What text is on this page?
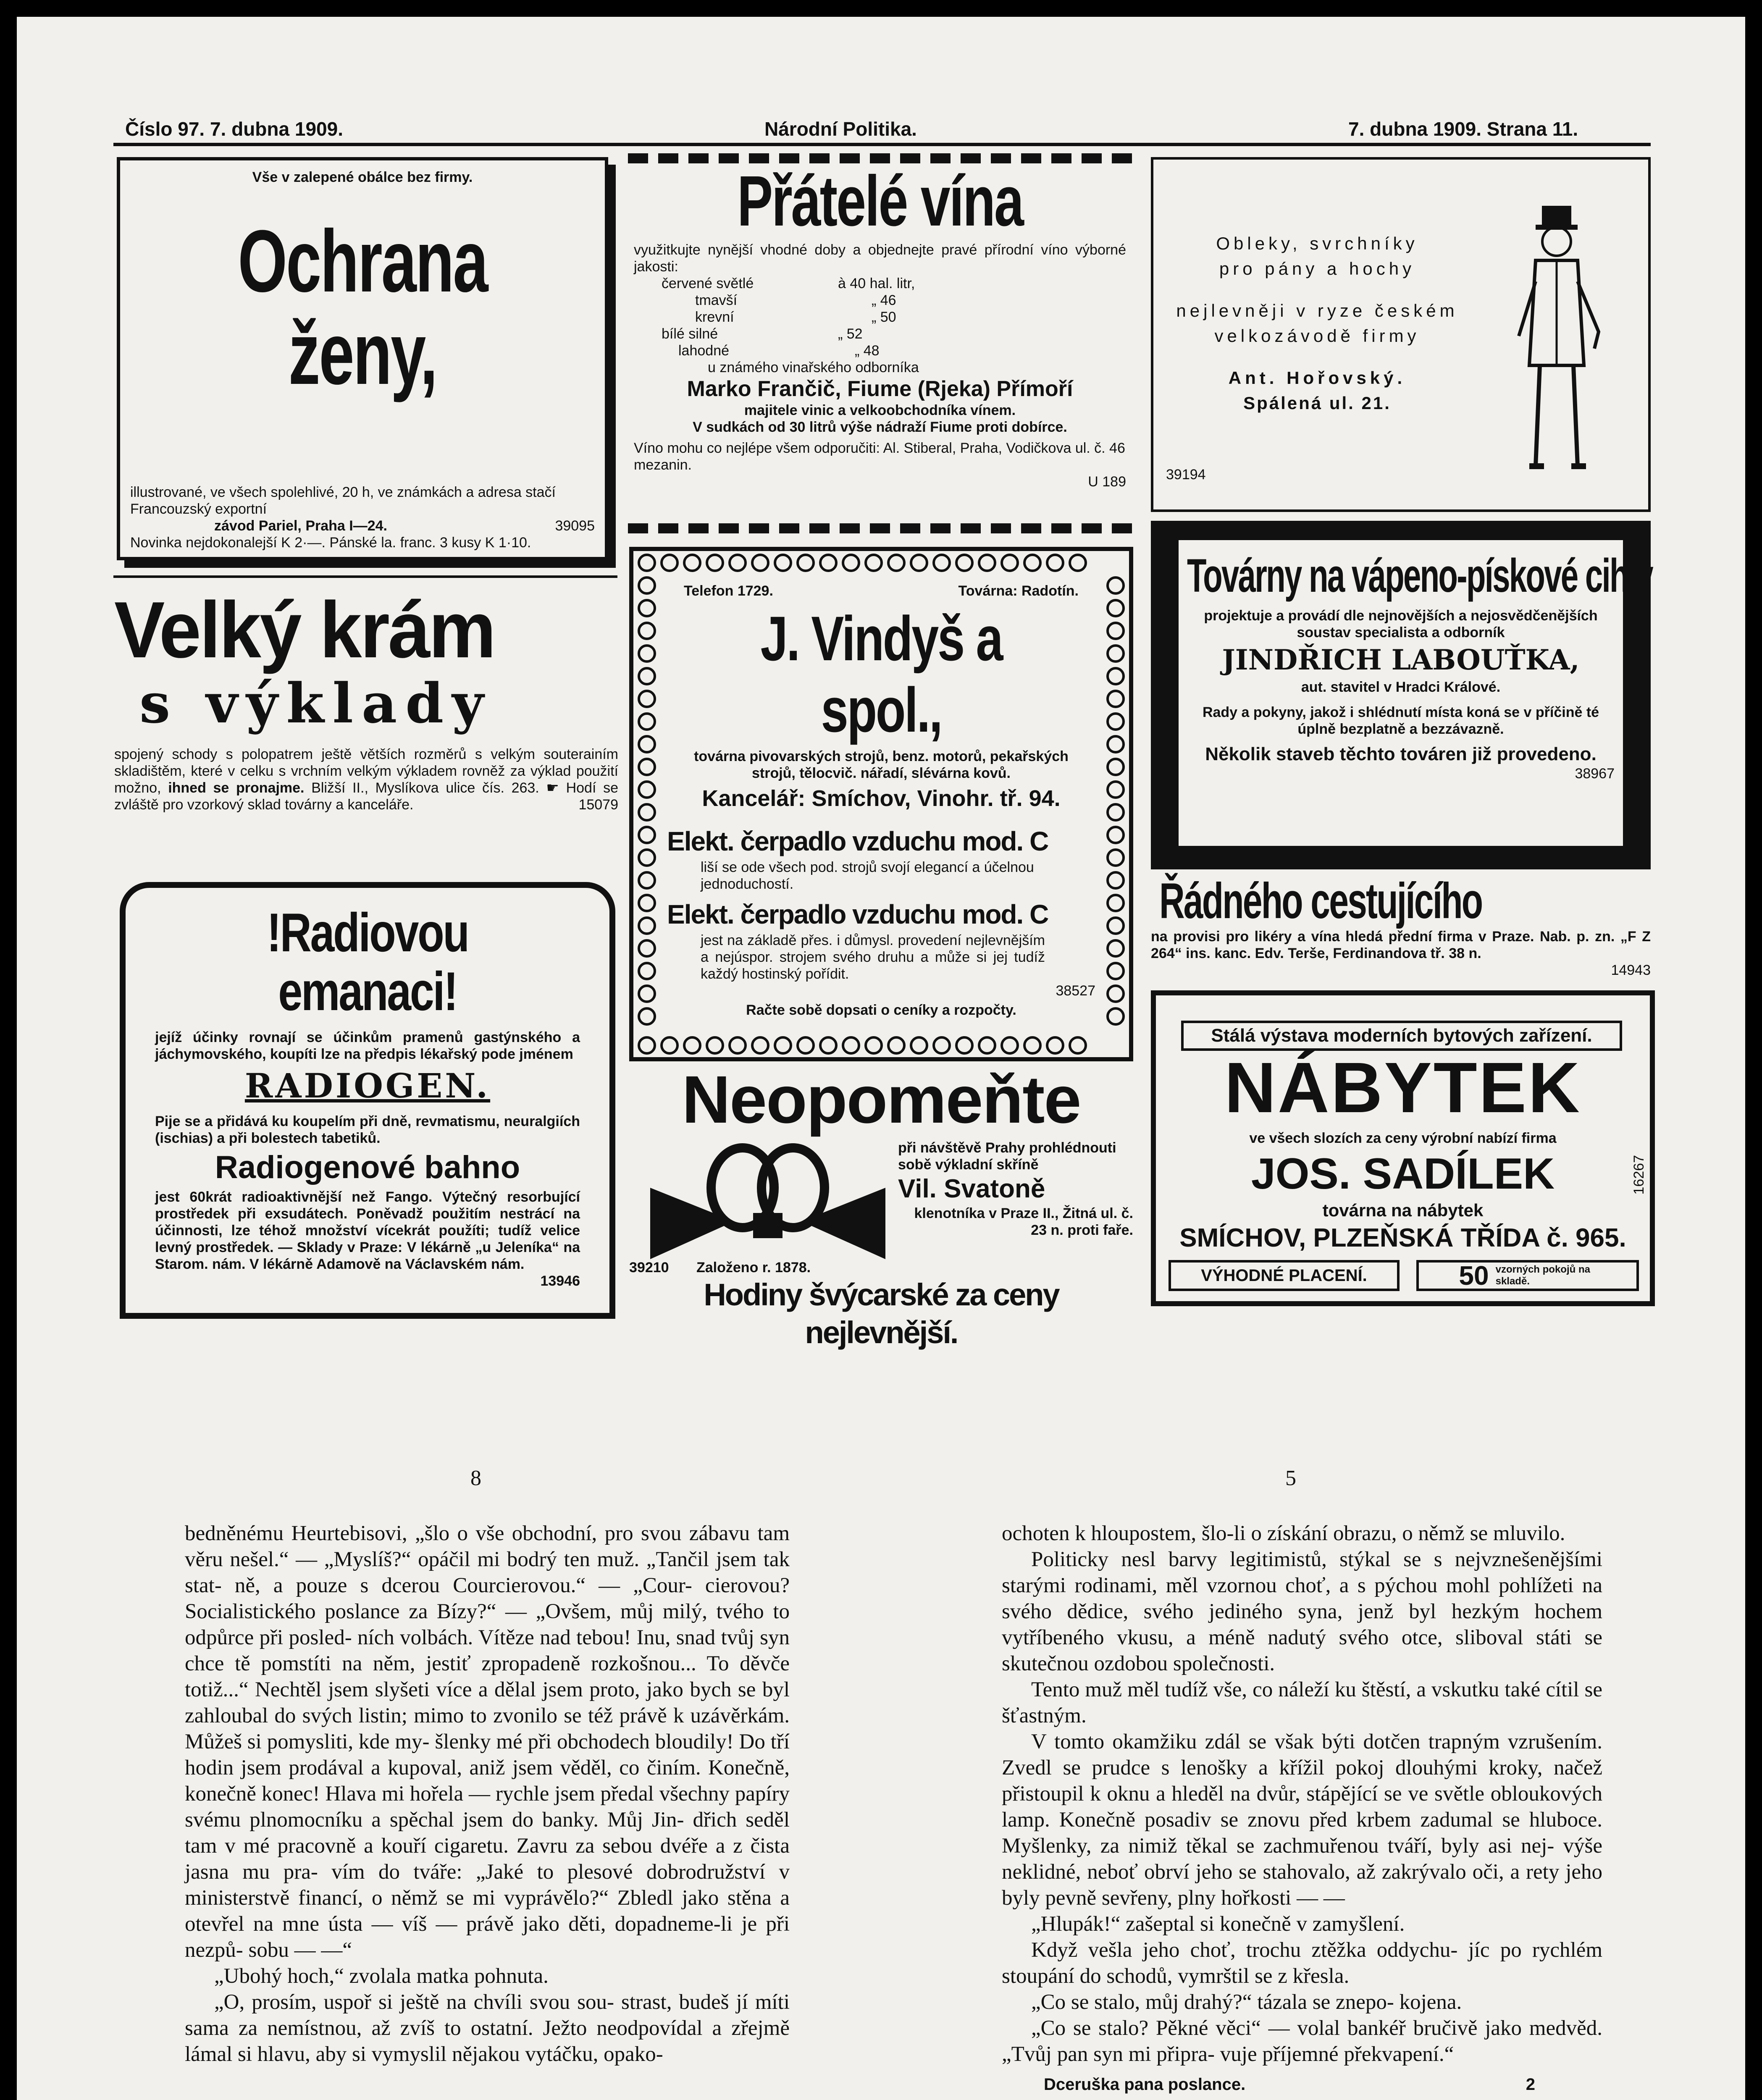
Číslo 97. 7. dubna 1909.	Národní Politika.	7. dubna 1909. Strana 11.
Vše v zalepené obálce bez firmy.
Ochrana ženy,
illustrované, ve všech spolehlivé, 20 h, ve známkách a adresa stačí Francouzský exportní
závod Pariel, Praha I—24.	39095
Novinka nejdokonalejší K 2·—. Pánské la. franc. 3 kusy K 1·10.
Velký krám
s výklady
spojený schody s polopatrem ještě větších rozměrů s velkým souterainím skladištěm, které v celku s vrchním velkým výkladem rovněž za výklad použití možno, ihned se pronajme. Bližší II., Myslíkova ulice čís. 263. ☛ Hodí se zvláště pro vzorkový sklad továrny a kanceláře.	15079
!Radiovou emanaci!
jejíž účinky rovnají se účinkům pramenů gastýnského a jáchymovského, koupíti lze na předpis lékařský pode jménem
RADIOGEN.
Pije se a přidává ku koupelím při dně, revmatismu, neuralgiích (ischias) a při bolestech tabetiků.
Radiogenové bahno
jest 60krát radioaktivnější než Fango. Výtečný resorbující prostředek při exsudátech. Poněvadž použitím nestrácí na účinnosti, lze téhož množství vícekrát použíti; tudíž velice levný prostředek. — Sklady v Praze: V lékárně „u Jeleníka“ na Starom. nám. V lékárně Adamově na Václavském nám.
13946
Přátelé vína
využitkujte nynější vhodné doby a objednejte pravé přírodní víno výborné jakosti:
červené světlé	à 40 hal. litr,
tmavší	„ 46
krevní	„ 50
bílé silné	„ 52
lahodné	„ 48
u známého vinařského odborníka
Marko Frančič, Fiume (Rjeka) Přímoří
majitele vinic a velkoobchodníka vínem.
V sudkách od 30 litrů výše nádraží Fiume proti dobírce.
Víno mohu co nejlépe všem odporučiti: Al. Stiberal, Praha, Vodičkova ul. č. 46 mezanin.
U 189
Telefon 1729.	Továrna: Radotín.
J. Vindyš a spol.,
továrna pivovarských strojů, benz. motorů, pekařských strojů, tělocvič. nářadí, slévárna kovů.
Kancelář: Smíchov, Vinohr. tř. 94.
Elekt. čerpadlo vzduchu mod. C
liší se ode všech pod. strojů svojí elegancí a účelnou jednoduchostí.
Elekt. čerpadlo vzduchu mod. C
jest na základě přes. i důmysl. provedení nejlevnějším a nejúspor. strojem svého druhu a může si jej tudíž každý hostinský pořídit.
38527
Račte sobě dopsati o ceníky a rozpočty.
Neopomeňte
při návštěvě Prahy prohlédnouti sobě výkladní skříně
Vil. Svatoně
klenotníka v Praze II., Žitná ul. č. 23 n. proti faře.
39210 Založeno r. 1878.
Hodiny švýcarské za ceny nejlevnější.
Obleky, svrchníky
pro pány a hochy
nejlevněji v ryze českém
velkozávodě firmy
Ant. Hořovský.
Spálená ul. 21.
39194
Továrny na vápeno-pískové cihly
projektuje a provádí dle nejnovějších a nejosvědčenějších soustav specialista a odborník
JINDŘICH LABOUŤKA,
aut. stavitel v Hradci Králové.
Rady a pokyny, jakož i shlédnutí místa koná se v příčině té úplně bezplatně a bezzávazně.
Několik staveb těchto továren již provedeno.
38967
Řádného cestujícího
na provisi pro likéry a vína hledá přední firma v Praze. Nab. p. zn. „F Z 264“ ins. kanc. Edv. Terše, Ferdinandova tř. 38 n.
14943
Stálá výstava moderních bytových zařízení.
NÁBYTEK
ve všech slozích za ceny výrobní nabízí firma
JOS. SADÍLEK	16267
továrna na nábytek
SMÍCHOV, PLZEŇSKÁ TŘÍDA č. 965.
VÝHODNÉ PLACENÍ.	50 vzorných pokojů na skladě.
8	5

bedněnému Heurtebisovi, „šlo o vše obchodní, pro svou zábavu tam věru nešel.“ — „Myslíš?“ opáčil mi bodrý ten muž. „Tančil jsem tak stat- ně, a pouze s dcerou Courcierovou.“ — „Cour- cierovou? Socialistického poslance za Bízy?“ — „Ovšem, můj milý, tvého to odpůrce při posled- ních volbách. Vítěze nad tebou! Inu, snad tvůj syn chce tě pomstíti na něm, jestiť zpropadeně rozkošnou... To děvče totiž...“ Nechtěl jsem slyšeti více a dělal jsem proto, jako bych se byl zahloubal do svých listin; mimo to zvonilo se též právě k uzávěrkám. Můžeš si pomysliti, kde my- šlenky mé při obchodech bloudily! Do tří hodin jsem prodával a kupoval, aniž jsem věděl, co činím. Konečně, konečně konec! Hlava mi hořela — rychle jsem předal všechny papíry svému plnomocníku a spěchal jsem do banky. Můj Jin- dřich seděl tam v mé pracovně a kouří cigaretu. Zavru za sebou dvéře a z čista jasna mu pra- vím do tváře: „Jaké to plesové dobrodružství v ministerstvě financí, o němž se mi vyprávělo?“ Zbledl jako stěna a otevřel na mne ústa — víš — právě jako děti, dopadneme-li je při nezpů- sobu — —“

„Ubohý hoch,“ zvolala matka pohnuta.

„O, prosím, uspoř si ještě na chvíli svou sou- strast, budeš jí míti sama za nemístnou, až zvíš to ostatní. Ježto neodpovídal a zřejmě lámal si hlavu, aby si vymyslil nějakou vytáčku, opako-

ochoten k hloupostem, šlo-li o získání obrazu, o němž se mluvilo.

Politicky nesl barvy legitimistů, stýkal se s nejvznešenějšími starými rodinami, měl vzornou choť, a s pýchou mohl pohlížeti na svého dědice, svého jediného syna, jenž byl hezkým hochem vytříbeného vkusu, a méně nadutý svého otce, sliboval státi se skutečnou ozdobou společnosti.

Tento muž měl tudíž vše, co náleží ku štěstí, a vskutku také cítil se šťastným.

V tomto okamžiku zdál se však býti dotčen trapným vzrušením. Zvedl se prudce s lenošky a křížil pokoj dlouhými kroky, načež přistoupil k oknu a hleděl na dvůr, stápějící se ve světle obloukových lamp. Konečně posadiv se znovu před krbem zadumal se hluboce. Myšlenky, za nimiž těkal se zachmuřenou tváří, byly asi nej- výše neklidné, neboť obrví jeho se stahovalo, až zakrývalo oči, a rety jeho byly pevně sevřeny, plny hořkosti — —

„Hlupák!“ zašeptal si konečně v zamyšlení.

Když vešla jeho choť, trochu ztěžka oddychu- jíc po rychlém stoupání do schodů, vymrštil se z křesla.

„Co se stalo, můj drahý?“ tázala se znepo- kojena.

„Co se stalo? Pěkné věci“ — volal bankéř bručivě jako medvěd. „Tvůj pan syn mi připra- vuje příjemné překvapení.“

Dceruška pana poslance.	2
